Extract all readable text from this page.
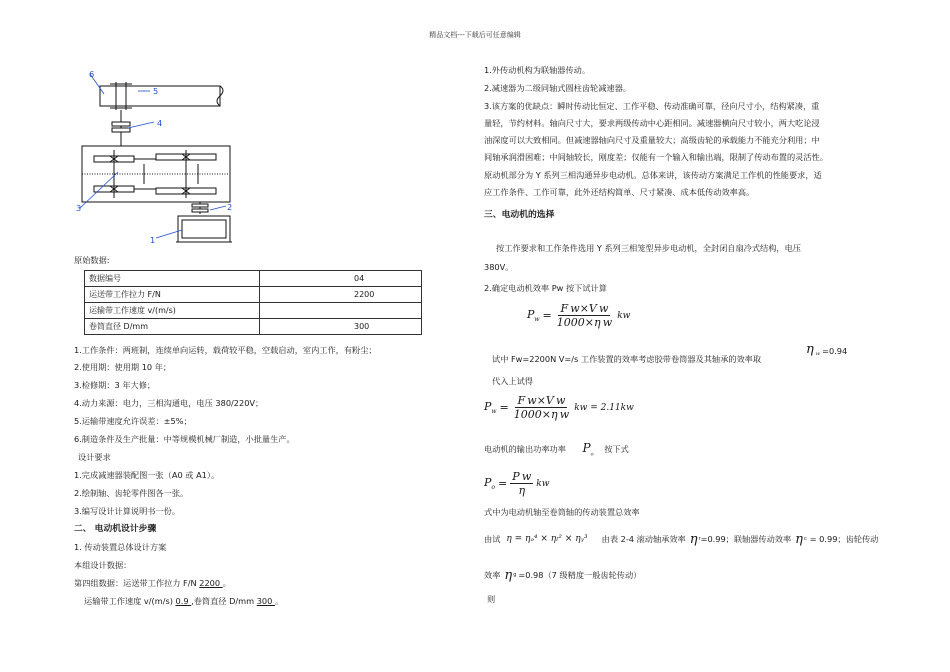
精品文档---下载后可任意编辑
6
5
4
3	2
1
原始数据:
数据编号	04
运送带工作拉力 F/N	2200
运输带工作速度 v/(m/s)	
卷筒直径 D/mm	300
1.工作条件：两班制，连续单向运转，载荷较平稳，空载启动，室内工作，有粉尘；
2.使用期：使用期 10 年；
3.检修期：3 年大修；
4.动力来源：电力，三相沟通电，电压 380/220V；
5.运输带速度允许误差：±5%；
6.制造条件及生产批量：中等规模机械厂制造，小批量生产。
设计要求
1.完成减速器装配图一张（A0 或 A1）。
2.绘制轴、齿轮零件图各一张。
3.编写设计计算说明书一份。
二、 电动机设计步骤
1. 传动装置总体设计方案
本组设计数据：
第四组数据：运送带工作拉力 F/N 2200 。
运输带工作速度 v/(m/s) 0.9 ,卷筒直径 D/mm 300 。
1.外传动机构为联轴器传动。
2.减速器为二级同轴式圆柱齿轮减速器。
3.该方案的优缺点：瞬时传动比恒定、工作平稳、传动准确可靠，径向尺寸小，结构紧凑，重
量轻，节约材料。轴向尺寸大，要求两级传动中心距相同。减速器横向尺寸较小，两大吃论浸
油深度可以大致相同。但减速器轴向尺寸及重量较大；高级齿轮的承载能力不能充分利用；中
间轴承润滑困难；中间轴较长，刚度差；仅能有一个输入和输出端，限制了传动布置的灵活性。
原动机部分为 Y 系列三相沟通异步电动机。总体来讲，该传动方案满足工作机的性能要求，适
应工作条件、工作可靠，此外还结构简单、尺寸紧凑、成本低传动效率高。
三、电动机的选择
按工作要求和工作条件选用 Y 系列三相笼型异步电动机，全封闭自扇冷式结构，电压
380V。
2.确定电动机效率 Pw 按下试计算
$P_w = \frac{\text{F w×V w}}{\text{1000×η w}}$ kw
试中 Fw=2200N V=/s 工作装置的效率考虑胶带卷筒器及其轴承的效率取
η w =0.94
代入上试得
$P_w = \frac{\text{F w×V w}}{\text{1000×η w}}$ kw = 2.11kw
电动机的输出功率功率 $P_o$ 按下式
$P_o = \frac{\text{P w}}{\eta}$ kw
式中为电动机轴至卷筒轴的传动装置总效率
由试 η = ηₔ⁴ × ηₗ² × ηᵧ³ 由表 2-4 滚动轴承效率 η r =0.99；联轴器传动效率 η c = 0.99；齿轮传动
效率 η g =0.98（7 级精度一般齿轮传动）
则
